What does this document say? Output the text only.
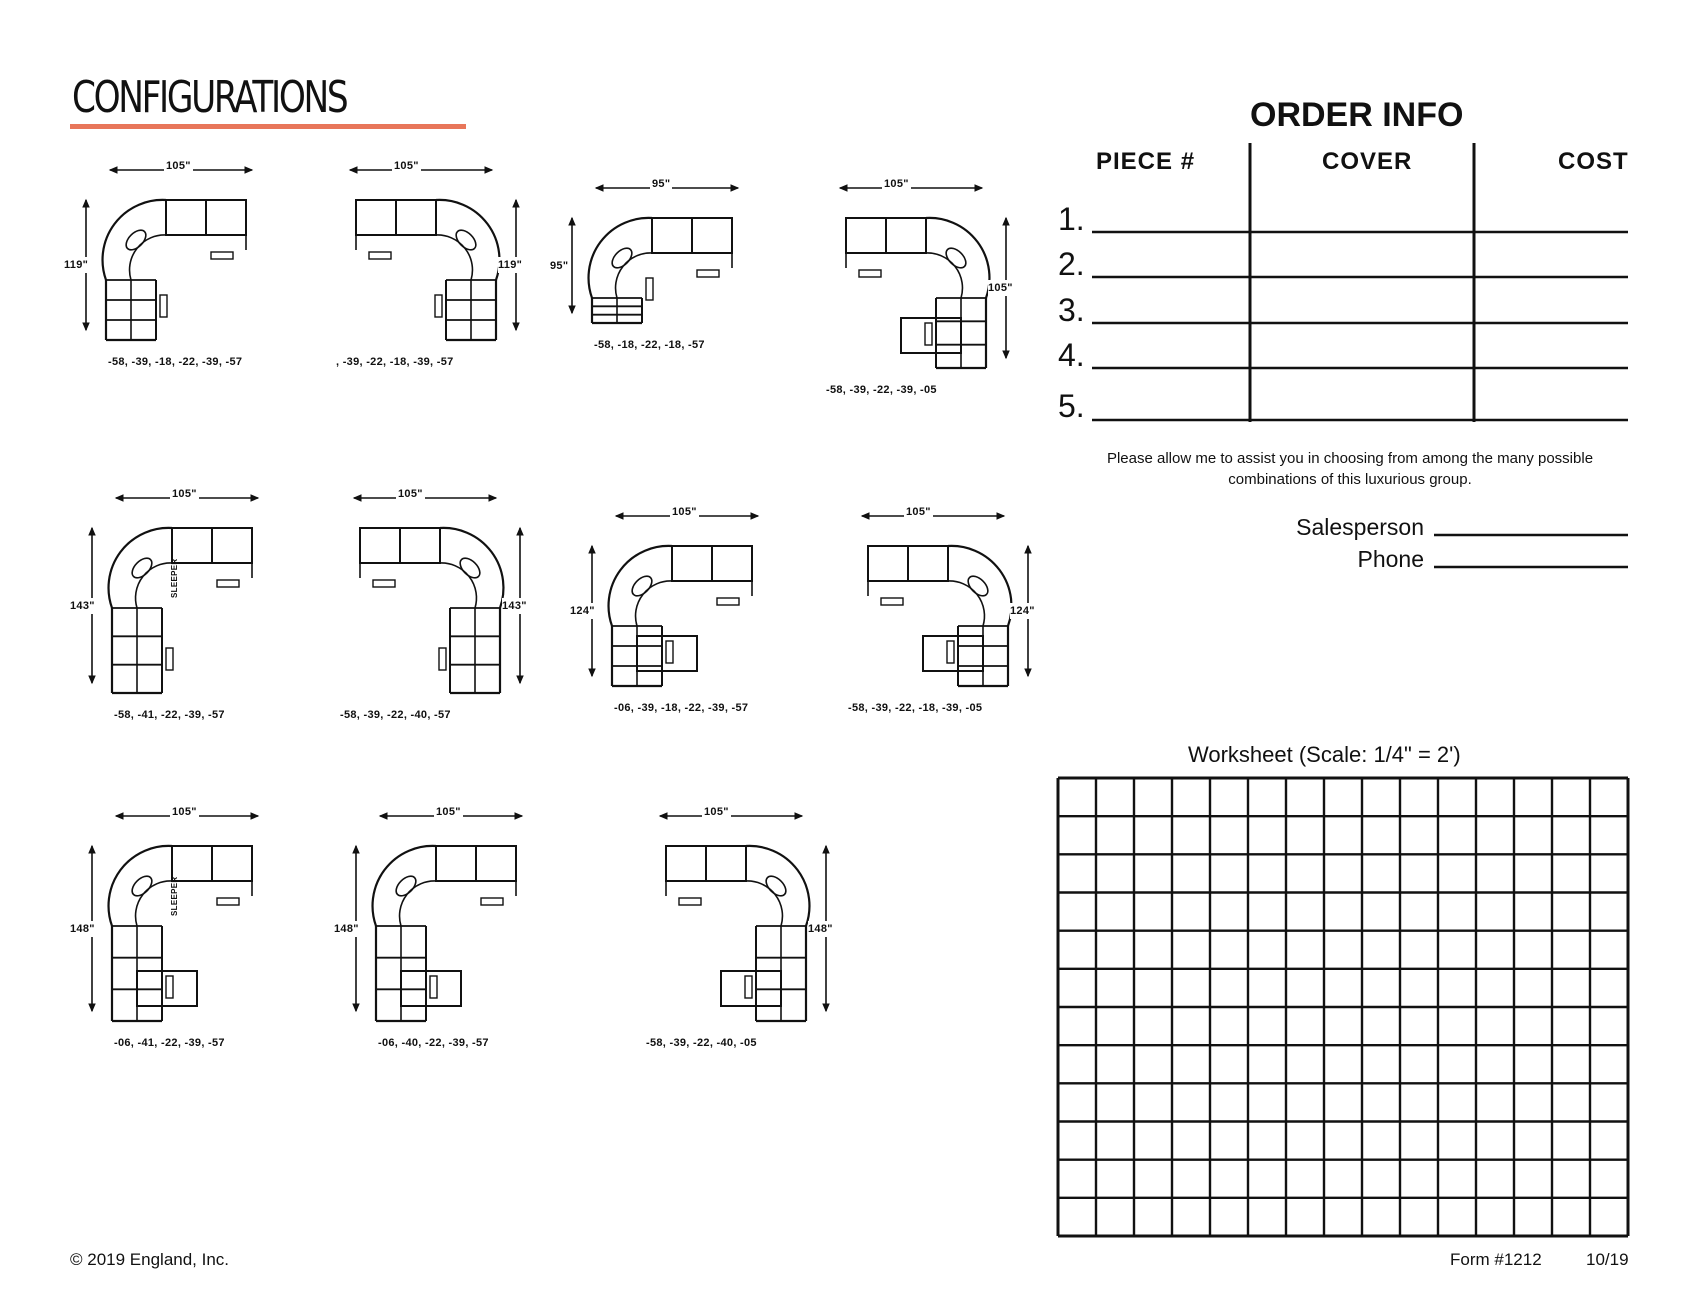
CONFIGURATIONS
105"
119"
-58, -39, -18, -22, -39, -57
105"
119"
, -39, -22, -18, -39, -57
95"
95"
-58, -18, -22, -18, -57
105"
105"
-58, -39, -22, -39, -05
105"
143"
-58, -41, -22, -39, -57
SLEEPER
105"
143"
-58, -39, -22, -40, -57
105"
124"
-06, -39, -18, -22, -39, -57
105"
124"
-58, -39, -22, -18, -39, -05
105"
148"
-06, -41, -22, -39, -57
SLEEPER
105"
148"
-06, -40, -22, -39, -57
105"
148"
-58, -39, -22, -40, -05
ORDER INFO
PIECE #	COVER	COST
1.
2.
3.
4.
5.
Please allow me to assist you in choosing from among the many possible combinations of this luxurious group.
Salesperson
Phone
Worksheet (Scale: 1/4" = 2')
© 2019 England, Inc.	Form #1212	10/19
